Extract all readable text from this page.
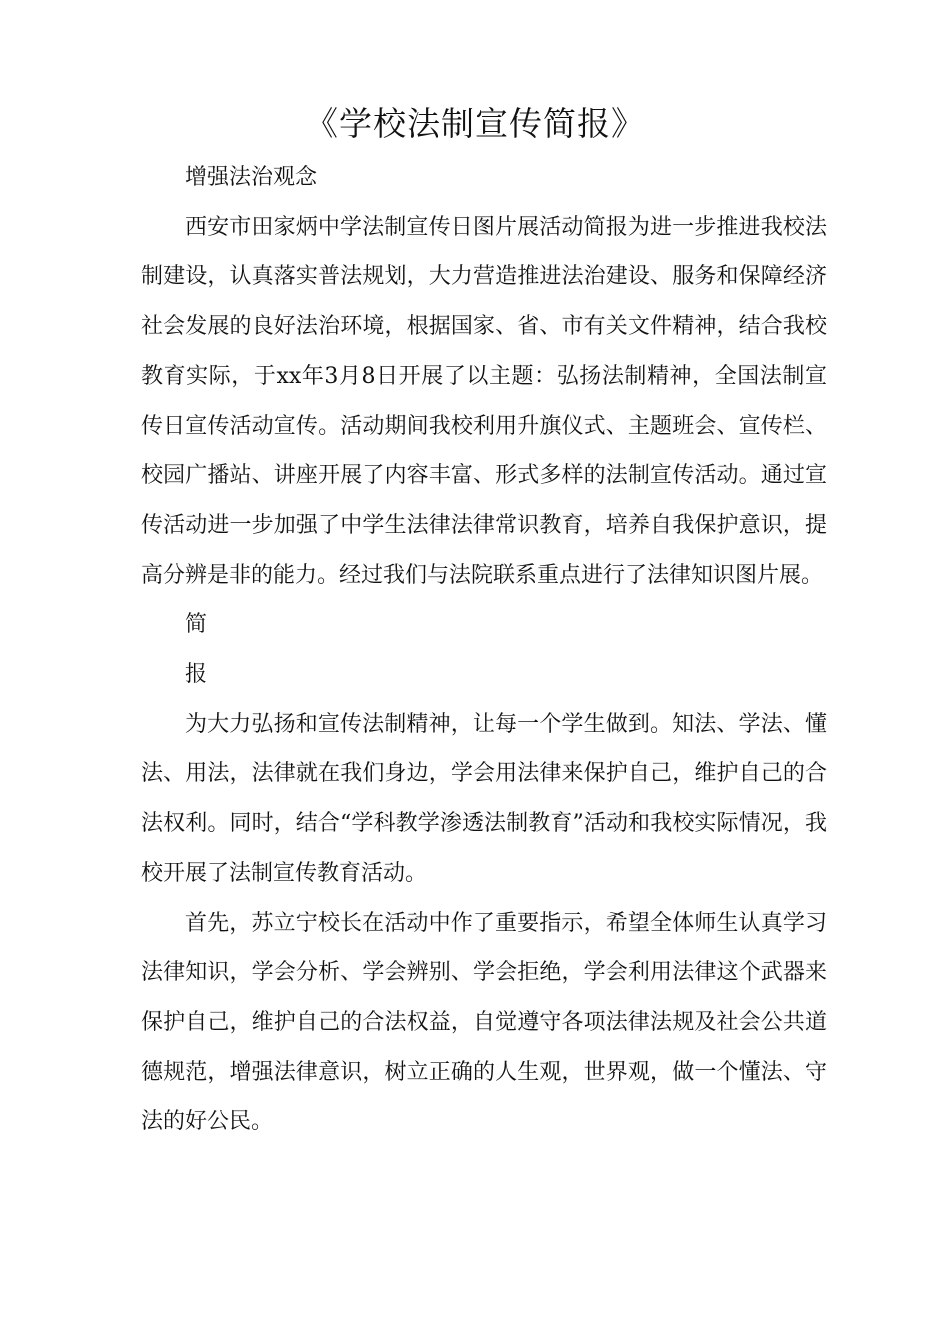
《学校法制宣传简报》

增强法治观念

西安市田家炳中学法制宣传日图片展活动简报为进一步推进我校法制建设，认真落实普法规划，大力营造推进法治建设、服务和保障经济社会发展的良好法治环境，根据国家、省、市有关文件精神，结合我校教育实际，于xx年3月8日开展了以主题：弘扬法制精神，全国法制宣传日宣传活动宣传。活动期间我校利用升旗仪式、主题班会、宣传栏、校园广播站、讲座开展了内容丰富、形式多样的法制宣传活动。通过宣传活动进一步加强了中学生法律法律常识教育，培养自我保护意识，提高分辨是非的能力。经过我们与法院联系重点进行了法律知识图片展。

简

报

为大力弘扬和宣传法制精神，让每一个学生做到。知法、学法、懂法、用法，法律就在我们身边，学会用法律来保护自己，维护自己的合法权利。同时，结合“学科教学渗透法制教育”活动和我校实际情况，我校开展了法制宣传教育活动。

首先，苏立宁校长在活动中作了重要指示，希望全体师生认真学习法律知识，学会分析、学会辨别、学会拒绝，学会利用法律这个武器来保护自己，维护自己的合法权益，自觉遵守各项法律法规及社会公共道德规范，增强法律意识，树立正确的人生观，世界观，做一个懂法、守法的好公民。
